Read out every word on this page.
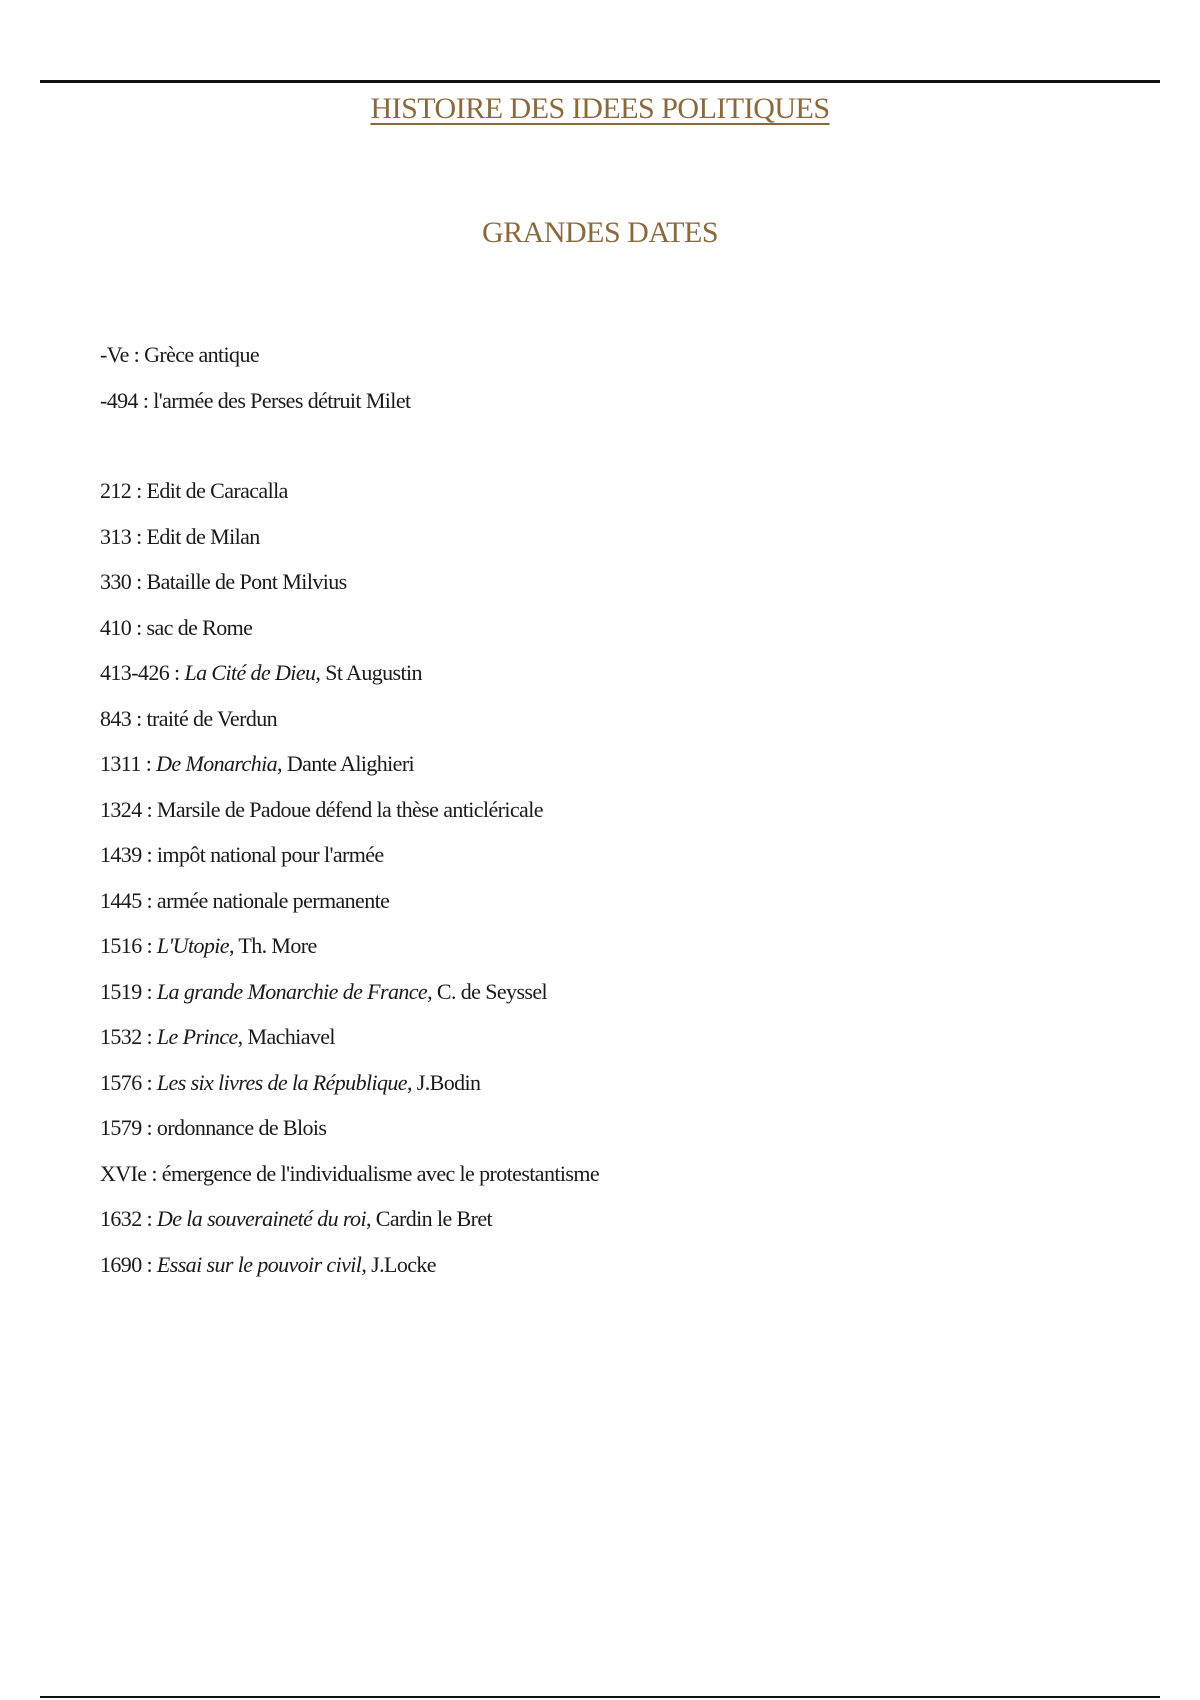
HISTOIRE DES IDEES POLITIQUES
GRANDES DATES
-Ve : Grèce antique
-494 : l'armée des Perses détruit Milet
212 : Edit de Caracalla
313 : Edit de Milan
330 : Bataille de Pont Milvius
410 : sac de Rome
413-426 : La Cité de Dieu , St Augustin
843 : traité de Verdun
1311 : De Monarchia , Dante Alighieri
1324 : Marsile de Padoue défend la thèse anticléricale
1439 : impôt national pour l'armée
1445 : armée nationale permanente
1516 : L'Utopie , Th. More
1519 : La grande Monarchie de France , C. de Seyssel
1532 : Le Prince , Machiavel
1576 : Les six livres de la République , J.Bodin
1579 : ordonnance de Blois
XVIe : émergence de l'individualisme avec le protestantisme
1632 : De la souveraineté du roi , Cardin le Bret
1690 : Essai sur le pouvoir civil , J.Locke
